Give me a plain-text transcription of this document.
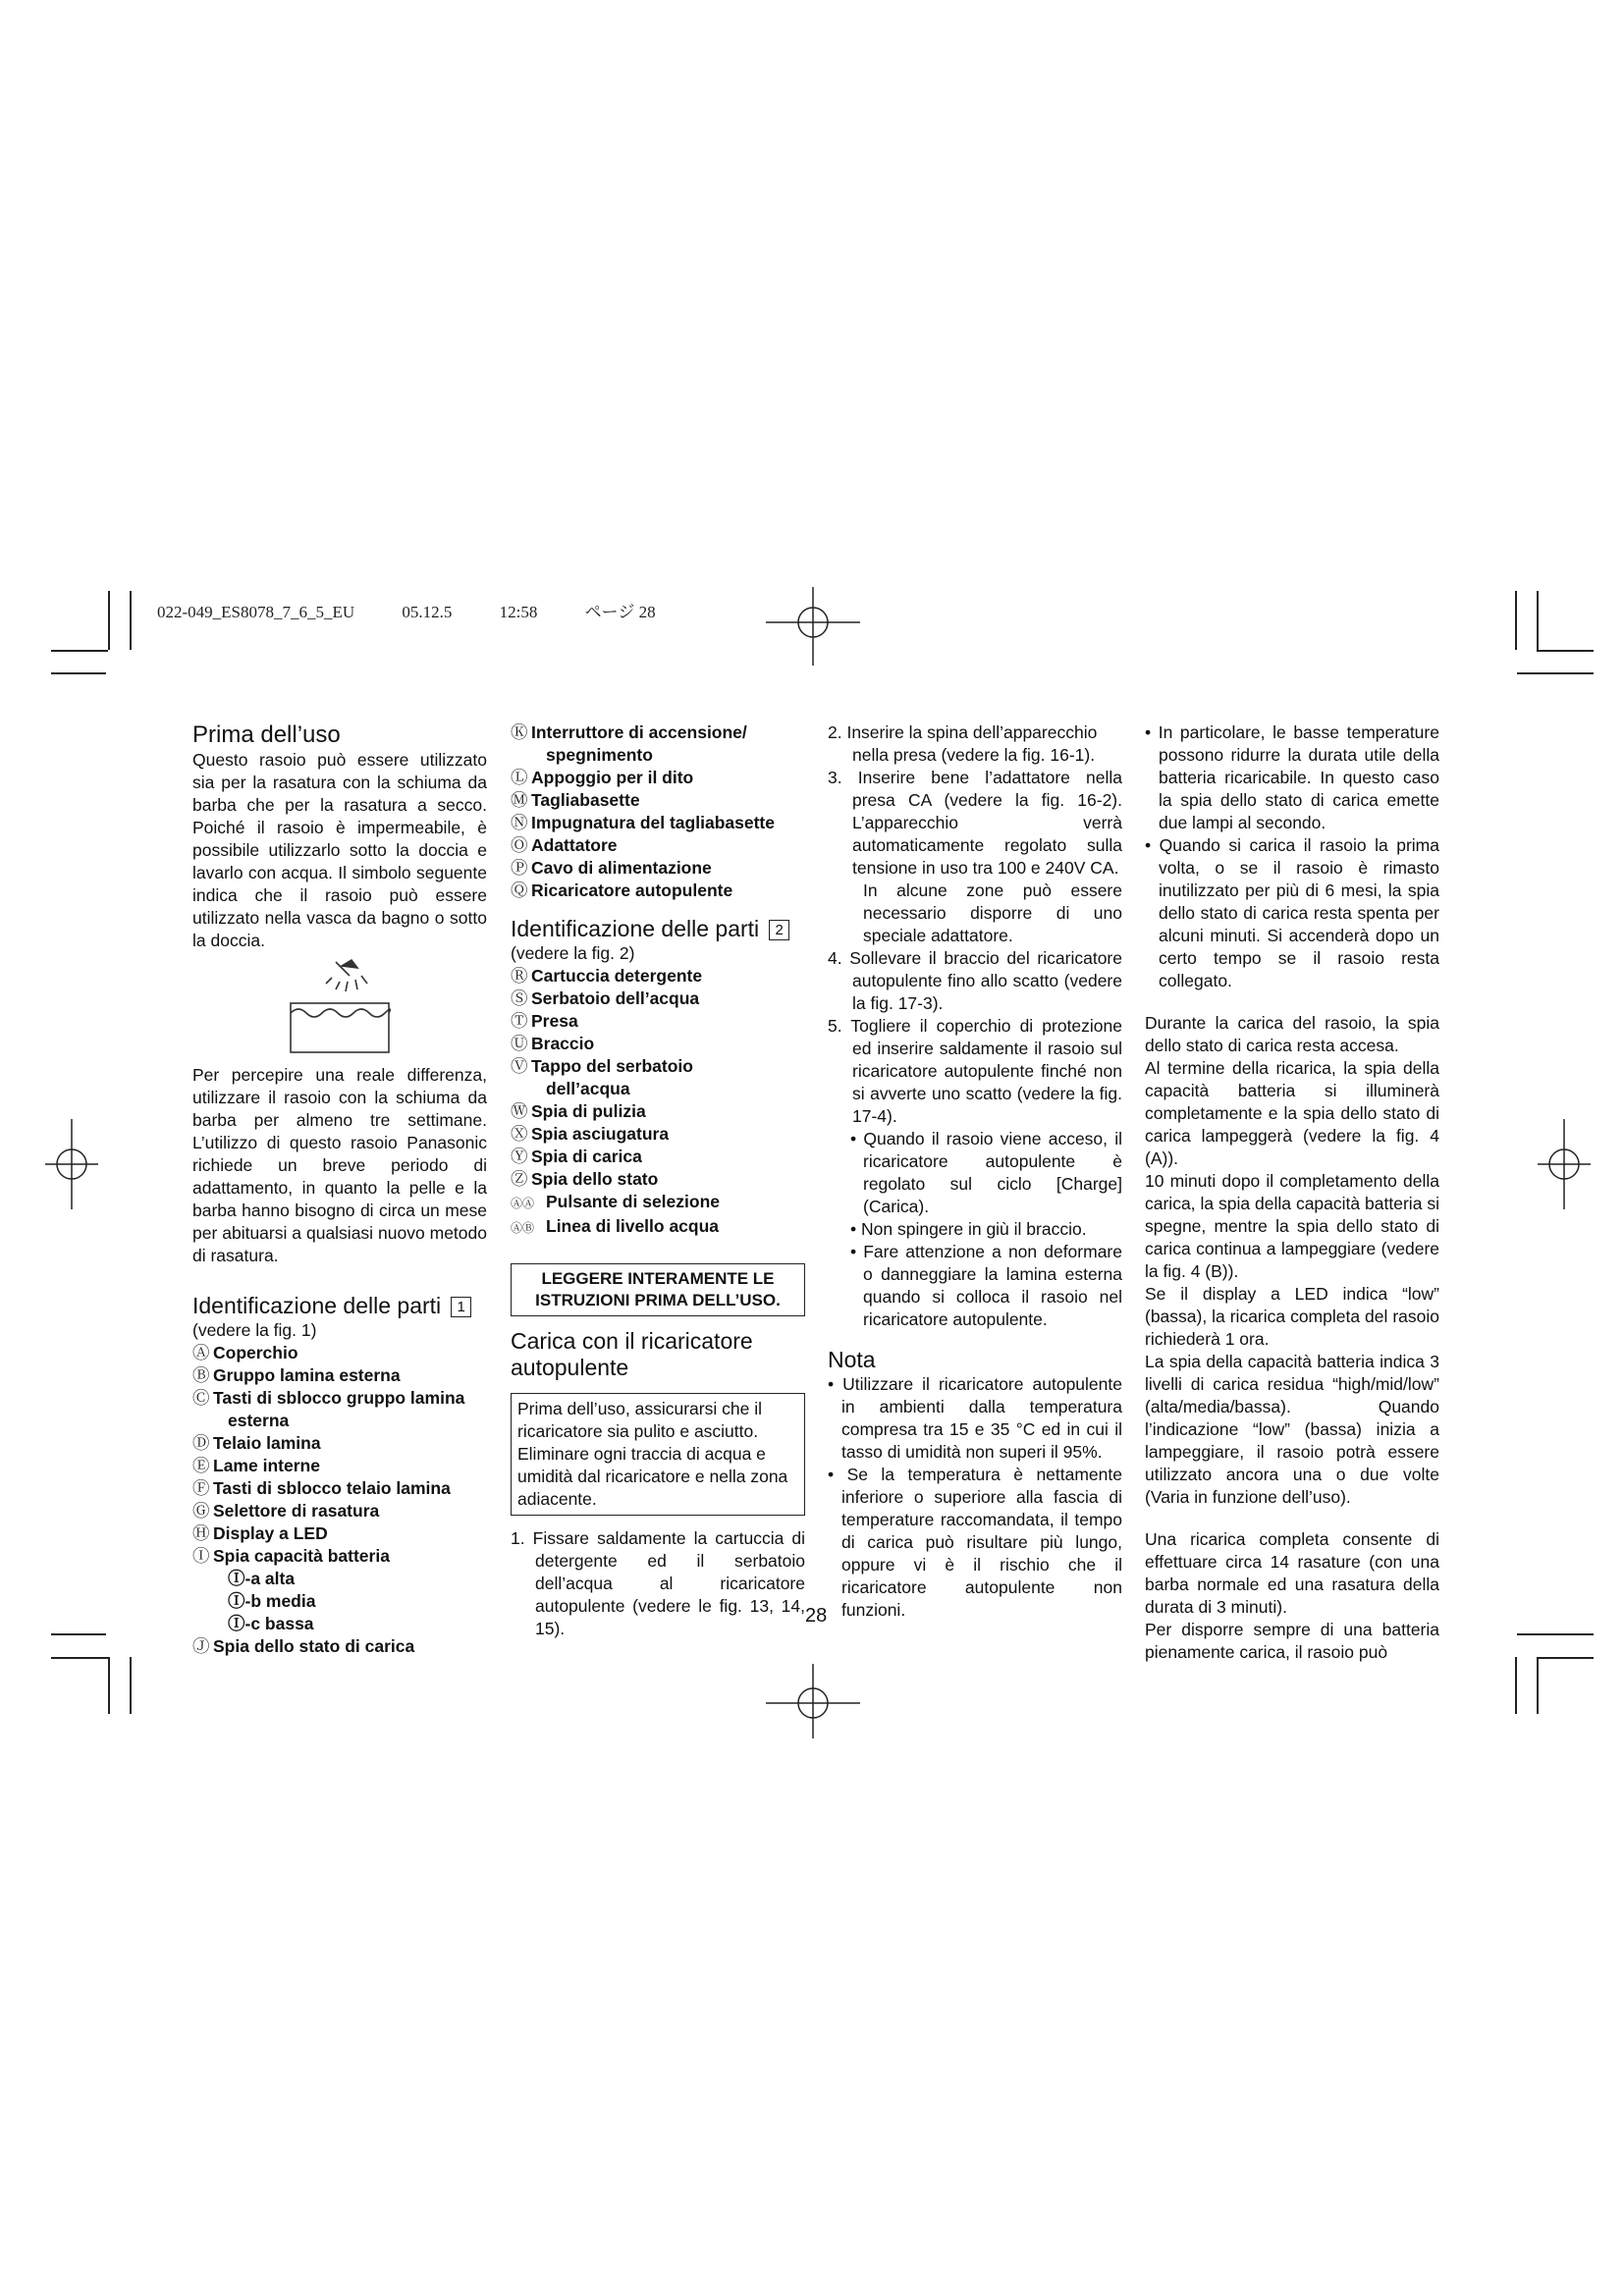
022-049_ES8078_7_6_5_EU	05.12.5	12:58	ページ 28
Prima dell’uso

Questo rasoio può essere utilizzato sia per la rasatura con la schiuma da barba che per la rasatura a secco. Poiché il rasoio è impermeabile, è possibile utilizzarlo sotto la doccia e lavarlo con acqua. Il simbolo seguente indica che il rasoio può essere utilizzato nella vasca da bagno o sotto la doccia.

Per percepire una reale differenza, utilizzare il rasoio con la schiuma da barba per almeno tre settimane. L’utilizzo di questo rasoio Panasonic richiede un breve periodo di adattamento, in quanto la pelle e la barba hanno bisogno di circa un mese per abituarsi a qualsiasi nuovo metodo di rasatura.

Identificazione delle parti 1

(vedere la fig. 1)

Ⓐ Coperchio

Ⓑ Gruppo lamina esterna

Ⓒ Tasti di sblocco gruppo lamina

esterna

Ⓓ Telaio lamina

Ⓔ Lame interne

Ⓕ Tasti di sblocco telaio lamina

Ⓖ Selettore di rasatura

Ⓗ Display a LED

Ⓘ Spia capacità batteria

Ⓘ-a alta

Ⓘ-b media

Ⓘ-c bassa

Ⓙ Spia dello stato di carica

Ⓚ Interruttore di accensione/

spegnimento

Ⓛ Appoggio per il dito

Ⓜ Tagliabasette

Ⓝ Impugnatura del tagliabasette

Ⓞ Adattatore

Ⓟ Cavo di alimentazione

Ⓠ Ricaricatore autopulente

Identificazione delle parti 2

(vedere la fig. 2)

Ⓡ Cartuccia detergente

Ⓢ Serbatoio dell’acqua

Ⓣ Presa

Ⓤ Braccio

Ⓥ Tappo del serbatoio

dell’acqua

Ⓦ Spia di pulizia

Ⓧ Spia asciugatura

Ⓨ Spia di carica

Ⓩ Spia dello stato

ⒶⒶ Pulsante di selezione

ⒶⒷ Linea di livello acqua

LEGGERE INTERAMENTE LE ISTRUZIONI PRIMA DELL’USO.
Carica con il ricaricatore autopulente
Prima dell’uso, assicurarsi che il ricaricatore sia pulito e asciutto. Eliminare ogni traccia di acqua e umidità dal ricaricatore e nella zona adiacente.

1. Fissare saldamente la cartuccia di detergente ed il serbatoio dell’acqua al ricaricatore autopulente (vedere le fig. 13, 14, 15).

2. Inserire la spina dell’apparecchio nella presa (vedere la fig. 16-1).

3. Inserire bene l’adattatore nella presa CA (vedere la fig. 16-2). L’apparecchio verrà automaticamente regolato sulla tensione in uso tra 100 e 240V CA.

In alcune zone può essere necessario disporre di uno speciale adattatore.

4. Sollevare il braccio del ricaricatore autopulente fino allo scatto (vedere la fig. 17-3).

5. Togliere il coperchio di protezione ed inserire saldamente il rasoio sul ricaricatore autopulente finché non si avverte uno scatto (vedere la fig. 17-4).

• Quando il rasoio viene acceso, il ricaricatore autopulente è regolato sul ciclo [Charge] (Carica).

• Non spingere in giù il braccio.

• Fare attenzione a non deformare o danneggiare la lamina esterna quando si colloca il rasoio nel ricaricatore autopulente.

Nota

• Utilizzare il ricaricatore autopulente in ambienti dalla temperatura compresa tra 15 e 35 °C ed in cui il tasso di umidità non superi il 95%.

• Se la temperatura è nettamente inferiore o superiore alla fascia di temperature raccomandata, il tempo di carica può risultare più lungo, oppure vi è il rischio che il ricaricatore autopulente non funzioni.

• In particolare, le basse temperature possono ridurre la durata utile della batteria ricaricabile. In questo caso la spia dello stato di carica emette due lampi al secondo.

• Quando si carica il rasoio la prima volta, o se il rasoio è rimasto inutilizzato per più di 6 mesi, la spia dello stato di carica resta spenta per alcuni minuti. Si accenderà dopo un certo tempo se il rasoio resta collegato.

Durante la carica del rasoio, la spia dello stato di carica resta accesa.

Al termine della ricarica, la spia della capacità batteria si illuminerà completamente e la spia dello stato di carica lampeggerà (vedere la fig. 4 (A)).

10 minuti dopo il completamento della carica, la spia della capacità batteria si spegne, mentre la spia dello stato di carica continua a lampeggiare (vedere la fig. 4 (B)).

Se il display a LED indica “low” (bassa), la ricarica completa del rasoio richiederà 1 ora.

La spia della capacità batteria indica 3 livelli di carica residua “high/mid/low” (alta/media/bassa). Quando l’indicazione “low” (bassa) inizia a lampeggiare, il rasoio potrà essere utilizzato ancora una o due volte (Varia in funzione dell’uso).

Una ricarica completa consente di effettuare circa 14 rasature (con una barba normale ed una rasatura della durata di 3 minuti).

Per disporre sempre di una batteria pienamente carica, il rasoio può

28
